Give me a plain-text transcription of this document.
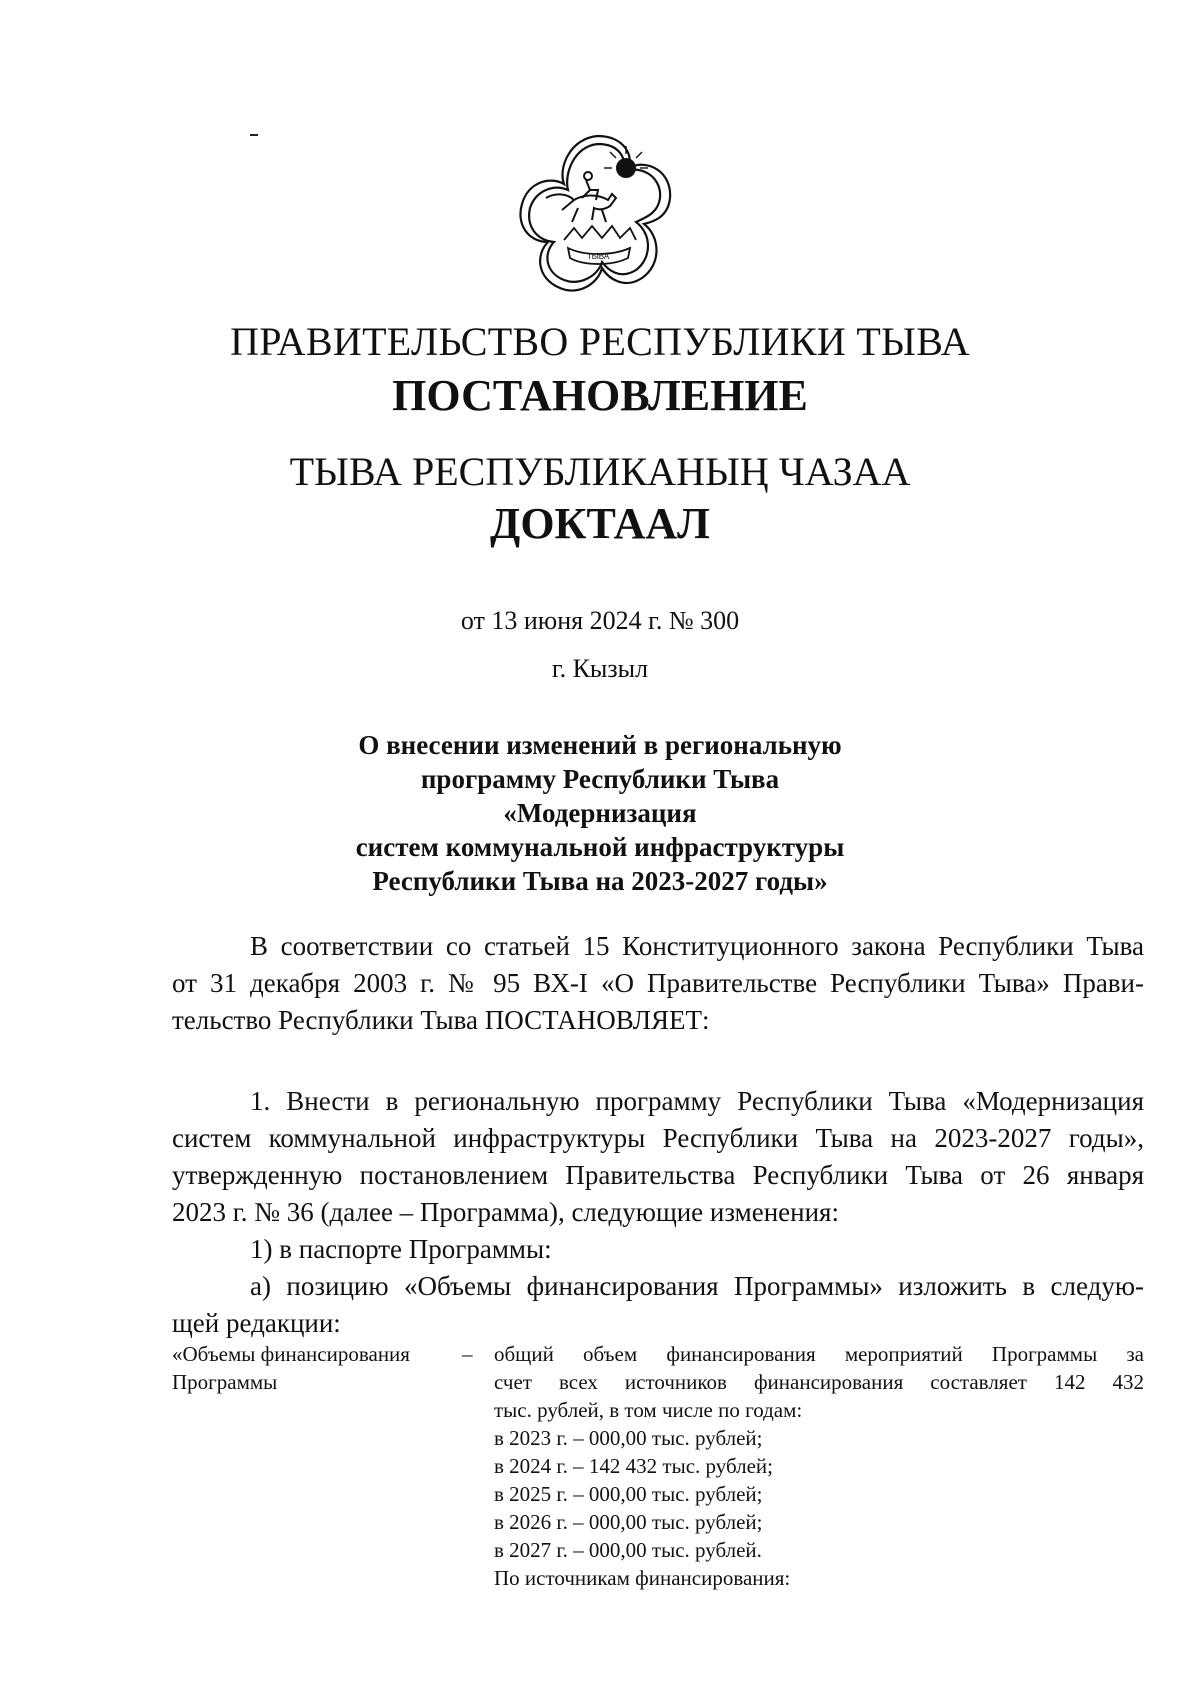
ТЫВА
ПРАВИТЕЛЬСТВО РЕСПУБЛИКИ ТЫВА
ПОСТАНОВЛЕНИЕ
ТЫВА РЕСПУБЛИКАНЫҢ ЧАЗАА
ДОКТААЛ
от 13 июня 2024 г. № 300
г. Кызыл
О внесении изменений в региональную
программу Республики Тыва «Модернизация
систем коммунальной инфраструктуры
Республики Тыва на 2023-2027 годы»
В соответствии со статьей 15 Конституционного закона Республики Тыва
от 31 декабря 2003 г. № 95 ВХ-I «О Правительстве Республики Тыва» Прави-
тельство Республики Тыва ПОСТАНОВЛЯЕТ:
1. Внести в региональную программу Республики Тыва «Модернизация
систем коммунальной инфраструктуры Республики Тыва на 2023-2027 годы»,
утвержденную постановлением Правительства Республики Тыва от 26 января
2023 г. № 36 (далее – Программа), следующие изменения:
1) в паспорте Программы:
а) позицию «Объемы финансирования Программы» изложить в следую-
щей редакции:
«Объемы финансирования
Программы
– общий объем финансирования мероприятий Программы за
счет всех источников финансирования составляет 142 432
тыс. рублей, в том числе по годам:
в 2023 г. – 000,00 тыс. рублей;
в 2024 г. – 142 432 тыс. рублей;
в 2025 г. – 000,00 тыс. рублей;
в 2026 г. – 000,00 тыс. рублей;
в 2027 г. – 000,00 тыс. рублей.
По источникам финансирования:
